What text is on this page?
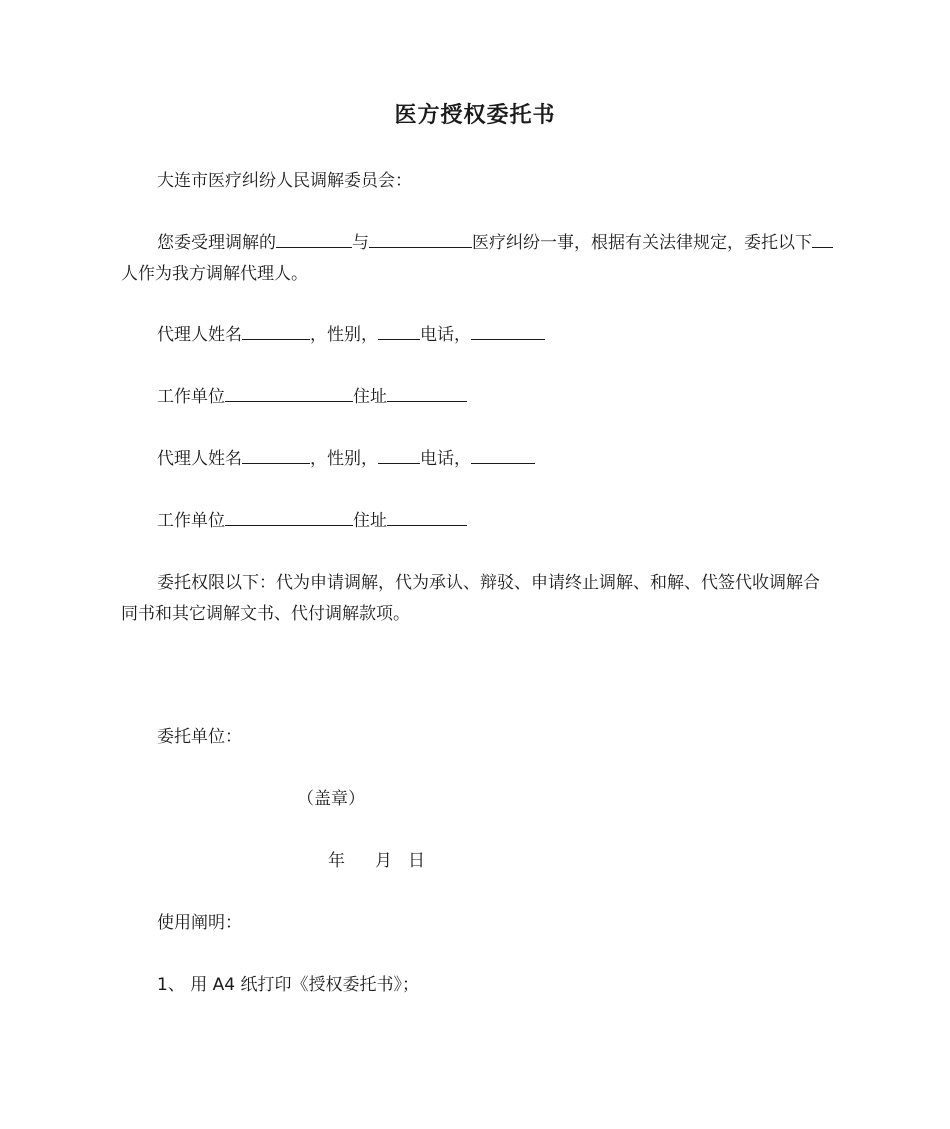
医方授权委托书
大连市医疗纠纷人民调解委员会：
您委受理调解的	与	医疗纠纷一事，根据有关法律规定，委托以下人作为我方调解代理人。
代理人姓名	，性别， 电话，
工作单位	住址
代理人姓名	，性别， 电话，
工作单位	住址
委托权限以下：代为申请调解，代为承认、辩驳、申请终止调解、和解、代签代收调解合同书和其它调解文书、代付调解款项。
委托单位：
（盖章）
年 月 日
使用阐明：
1、 用 A4 纸打印《授权委托书》；
